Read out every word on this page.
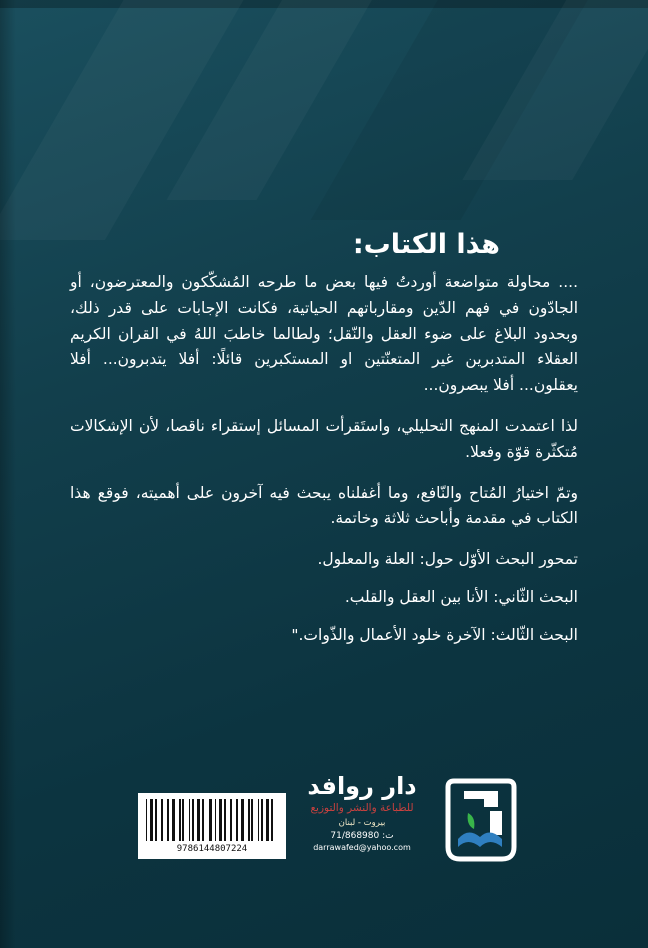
هذا الكتاب:

.... محاولة متواضعة أوردتُ فيها بعض ما طرحه المُشكّكون والمعترضون، أو الجادّون في فهم الدّين ومقارباتهم الحياتية، فكانت الإجابات على قدر ذلك، وبحدود البلاغ على ضوء العقل والنّقل؛ ولطالما خاطبَ اللهُ في القران الكريم العقلاء المتدبرين غير المتعنّتين او المستكبرين قائلًا: أفلا يتدبرون... أفلا يعقلون... أفلا يبصرون...

لذا اعتمدت المنهج التحليلي، واستَقرأت المسائل إستقراء ناقصا، لأن الإشكالات مُتكثّرة قوّة وفعلا.

وتمّ اختيارُ المُتاح والنّافع، وما أغفلناه يبحث فيه آخرون على أهميته، فوقع هذا الكتاب في مقدمة وأباحث ثلاثة وخاتمة.

تمحور البحث الأوّل حول: العلة والمعلول.

البحث الثّاني: الأنا بين العقل والقلب.

البحث الثّالث: الآخرة خلود الأعمال والذّوات."

9786144807224
دار روافد
للطباعة والنشر والتوزيع
بيروت - لبنان
ت: 71/868980
darrawafed@yahoo.com
